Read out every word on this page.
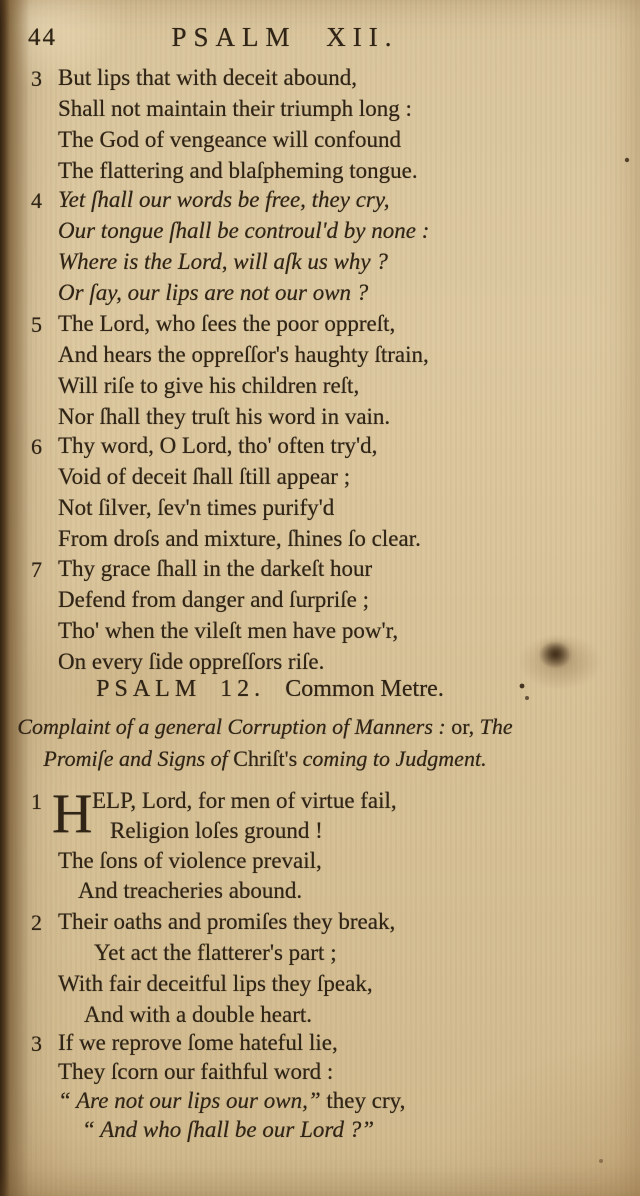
44	PSALM XII.
3 But lips that with deceit abound,
Shall not maintain their triumph long :
The God of vengeance will confound
The flattering and blaſpheming tongue.
4 Yet ſhall our words be free, they cry,
Our tongue ſhall be controul'd by none :
Where is the Lord, will aſk us why ?
Or ſay, our lips are not our own ?
5 The Lord, who ſees the poor oppreſt,
And hears the oppreſſor's haughty ſtrain,
Will riſe to give his children reſt,
Nor ſhall they truſt his word in vain.
6 Thy word, O Lord, tho' often try'd,
Void of deceit ſhall ſtill appear ;
Not ſilver, ſev'n times purify'd
From droſs and mixture, ſhines ſo clear.
7 Thy grace ſhall in the darkeſt hour
Defend from danger and ſurpriſe ;
Tho' when the vileſt men have pow'r,
On every ſide oppreſſors riſe.
PSALM 12. Common Metre.
Complaint of a general Corruption of Manners : or, The
Promiſe and Signs of Chriſt's coming to Judgment.
1 H ELP, Lord, for men of virtue fail,
Religion loſes ground !
The ſons of violence prevail,
And treacheries abound.
2 Their oaths and promiſes they break,
Yet act the flatterer's part ;
With fair deceitful lips they ſpeak,
And with a double heart.
3 If we reprove ſome hateful lie,
They ſcorn our faithful word :
“ Are not our lips our own,” they cry,
“ And who ſhall be our Lord ?”
